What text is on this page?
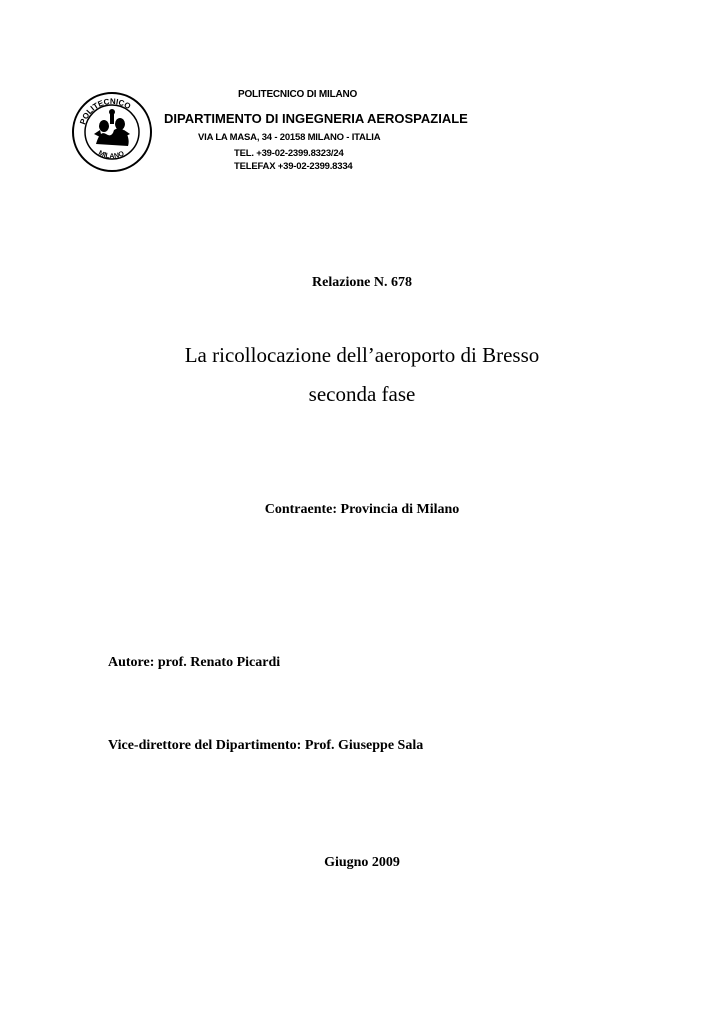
POLITECNICO
MILANO
POLITECNICO DI MILANO
DIPARTIMENTO DI INGEGNERIA AEROSPAZIALE
VIA LA MASA, 34 - 20158 MILANO - ITALIA
TEL. +39-02-2399.8323/24
TELEFAX +39-02-2399.8334
Relazione N. 678
La ricollocazione dell’aeroporto di Bresso
seconda fase
Contraente: Provincia di Milano
Autore: prof. Renato Picardi
Vice-direttore del Dipartimento: Prof. Giuseppe Sala
Giugno 2009
